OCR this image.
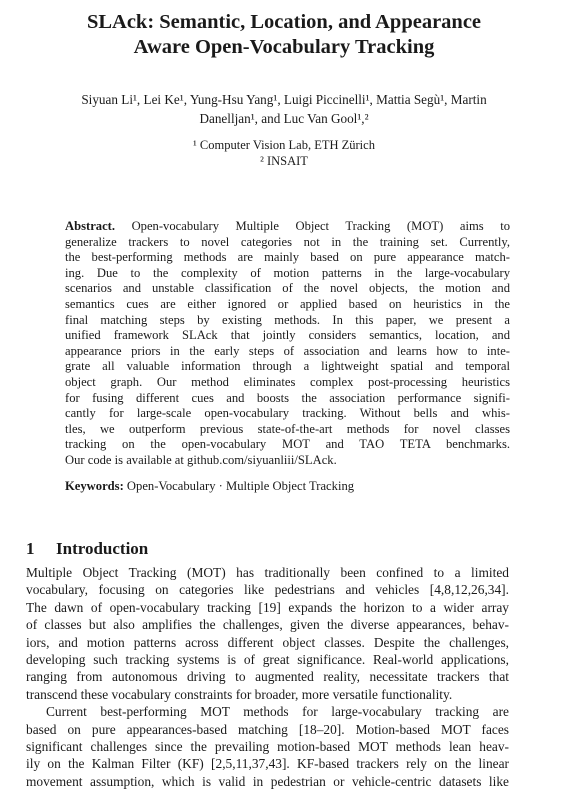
SLAck: Semantic, Location, and Appearance
Aware Open-Vocabulary Tracking

Siyuan Li¹, Lei Ke¹, Yung-Hsu Yang¹, Luigi Piccinelli¹, Mattia Segù¹, Martin
Danelljan¹, and Luc Van Gool¹,²

¹ Computer Vision Lab, ETH Zürich
² INSAIT
Abstract. Open-vocabulary Multiple Object Tracking (MOT) aims to
generalize trackers to novel categories not in the training set. Currently,
the best-performing methods are mainly based on pure appearance match-
ing. Due to the complexity of motion patterns in the large-vocabulary
scenarios and unstable classification of the novel objects, the motion and
semantics cues are either ignored or applied based on heuristics in the
final matching steps by existing methods. In this paper, we present a
unified framework SLAck that jointly considers semantics, location, and
appearance priors in the early steps of association and learns how to inte-
grate all valuable information through a lightweight spatial and temporal
object graph. Our method eliminates complex post-processing heuristics
for fusing different cues and boosts the association performance signifi-
cantly for large-scale open-vocabulary tracking. Without bells and whis-
tles, we outperform previous state-of-the-art methods for novel classes
tracking on the open-vocabulary MOT and TAO TETA benchmarks.
Our code is available at github.com/siyuanliii/SLAck.
Keywords: Open-Vocabulary · Multiple Object Tracking
1 Introduction
Multiple Object Tracking (MOT) has traditionally been confined to a limited
vocabulary, focusing on categories like pedestrians and vehicles [4,8,12,26,34].
The dawn of open-vocabulary tracking [19] expands the horizon to a wider array
of classes but also amplifies the challenges, given the diverse appearances, behav-
iors, and motion patterns across different object classes. Despite the challenges,
developing such tracking systems is of great significance. Real-world applications,
ranging from autonomous driving to augmented reality, necessitate trackers that
transcend these vocabulary constraints for broader, more versatile functionality.
Current best-performing MOT methods for large-vocabulary tracking are
based on pure appearances-based matching [18–20]. Motion-based MOT faces
significant challenges since the prevailing motion-based MOT methods lean heav-
ily on the Kalman Filter (KF) [2,5,11,37,43]. KF-based trackers rely on the linear
movement assumption, which is valid in pedestrian or vehicle-centric datasets like
